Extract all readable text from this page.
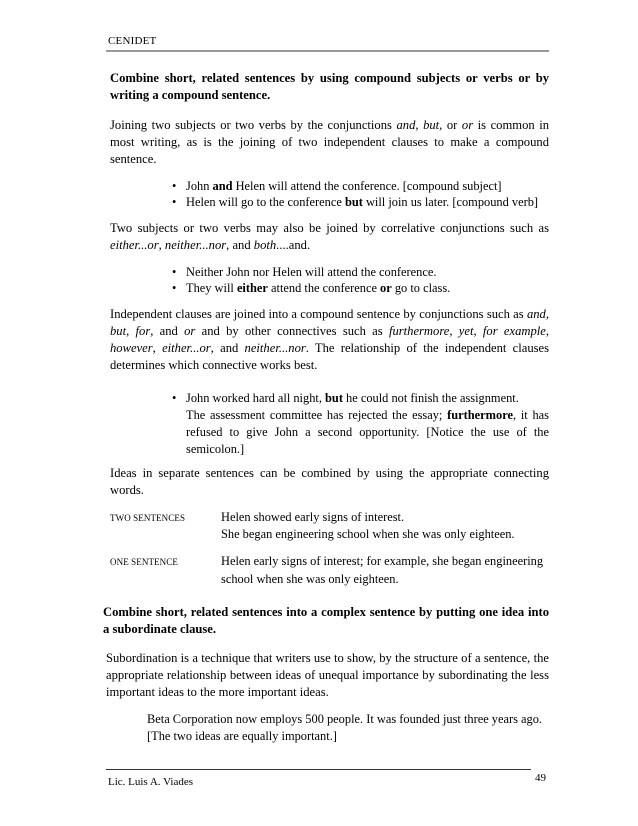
CENIDET

Combine short, related sentences by using compound subjects or verbs or by writing a compound sentence.

Joining two subjects or two verbs by the conjunctions and, but, or or is common in most writing, as is the joining of two independent clauses to make a compound sentence.

• John and Helen will attend the conference. [compound subject]
• Helen will go to the conference but will join us later. [compound verb]

Two subjects or two verbs may also be joined by correlative conjunctions such as either...or, neither...nor, and both....and.

• Neither John nor Helen will attend the conference.
• They will either attend the conference or go to class.

Independent clauses are joined into a compound sentence by conjunctions such as and, but, for, and or and by other connectives such as furthermore, yet, for example, however, either...or, and neither...nor. The relationship of the independent clauses determines which connective works best.

• John worked hard all night, but he could not finish the assignment.

The assessment committee has rejected the essay; furthermore, it has refused to give John a second opportunity. [Notice the use of the semicolon.]

Ideas in separate sentences can be combined by using the appropriate connecting words.

TWO SENTENCES	Helen showed early signs of interest.
She began engineering school when she was only eighteen.
ONE SENTENCE	Helen early signs of interest; for example, she began engineering school when she was only eighteen.

Combine short, related sentences into a complex sentence by putting one idea into a subordinate clause.

Subordination is a technique that writers use to show, by the structure of a sentence, the appropriate relationship between ideas of unequal importance by subordinating the less important ideas to the more important ideas.

Beta Corporation now employs 500 people. It was founded just three years ago.
[The two ideas are equally important.]
Lic. Luis A. Viades	49
